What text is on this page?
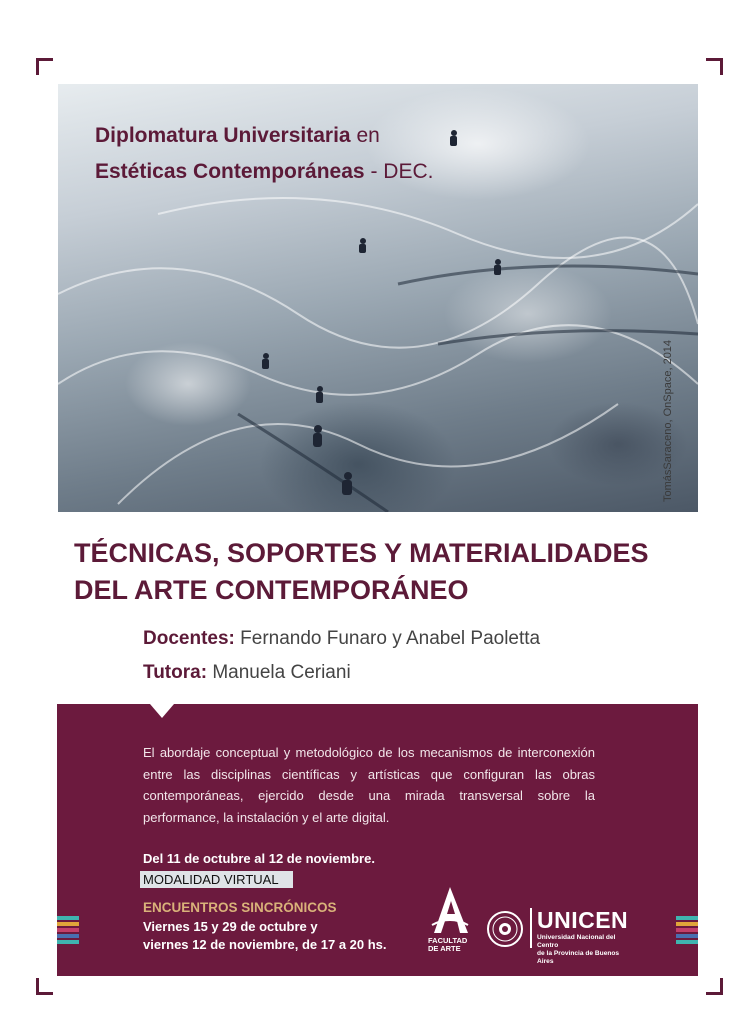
Diplomatura Universitaria en
Estéticas Contemporáneas - DEC.
TomásSaraceno, OnSpace, 2014
TÉCNICAS, SOPORTES Y MATERIALIDADES
DEL ARTE CONTEMPORÁNEO
Docentes: Fernando Funaro y Anabel Paoletta
Tutora: Manuela Ceriani

El abordaje conceptual y metodológico de los mecanismos de interconexión entre las disciplinas científicas y artísticas que configuran las obras contemporáneas, ejercido desde una mirada transversal sobre la performance, la instalación y el arte digital.

Del 11 de octubre al 12 de noviembre.
MODALIDAD VIRTUAL
ENCUENTROS SINCRÓNICOS
Viernes 15 y 29 de octubre y
viernes 12 de noviembre, de 17 a 20 hs.	FACULTAD
DE ARTE
UNICEN
Universidad Nacional del Centro
de la Provincia de Buenos Aires
